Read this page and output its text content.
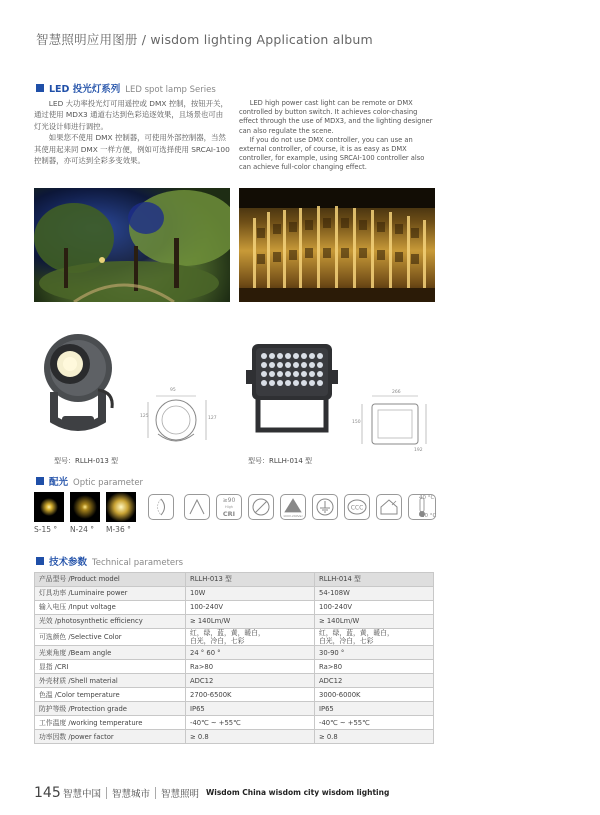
智慧照明应用图册 / wisdom lighting Application album
LED 投光灯系列 LED spot lamp Series

LED 大功率投光灯可用遥控或 DMX 控制，按钮开关，通过使用 MDX3 通道右达到色彩追逐效果，且场景也可由灯光设计师进行调控。

如果您不使用 DMX 控制器，可使用外部控制器，当然其使用起来同 DMX 一样方便，例如可选择使用 SRCAI-100 控制器，亦可达到全彩多变效果。

LED high power cast light can be remote or DMX controlled by button switch. It achieves color-chasing effect through the use of MDX3, and the lighting designer can also regulate the scene.

If you do not use DMX controller, you can use an external controller, of course, it is as easy as DMX controller, for example, using SRCAI-100 controller also can achieve full-color changing effect.

95
125	127
型号：RLLH-013 型
266
150
192
型号：RLLH-014 型
配光 Optic parameter
S-15 ° N-24 ° M-36 °
≥90
High
CRI	100V-240Vac
CCC
40 °C
-20 °C
技术参数 Technical parameters
产品型号 /Product model	RLLH-013 型	RLLH-014 型
灯具功率 /Luminaire power	10W	54-108W
输入电压 /Input voltage	100-240V	100-240V
光效 /photosynthetic efficiency	≥ 140Lm/W	≥ 140Lm/W
可选颜色 /Selective Color	红，绿，蓝，黄，暖白，
白光，冷白，七彩	红，绿，蓝，黄，暖白，
白光，冷白，七彩
光束角度 /Beam angle	24 ° 60 °	30-90 °
显指 /CRI	Ra>80	Ra>80
外壳材质 /Shell material	ADC12	ADC12
色温 /Color temperature	2700-6500K	3000-6000K
防护等级 /Protection grade	IP65	IP65
工作温度 /working temperature	-40℃ ~ +55℃	-40℃ ~ +55℃
功率因数 /power factor	≥ 0.8	≥ 0.8
145 智慧中国	智慧城市	智慧照明 Wisdom China wisdom city wisdom lighting
